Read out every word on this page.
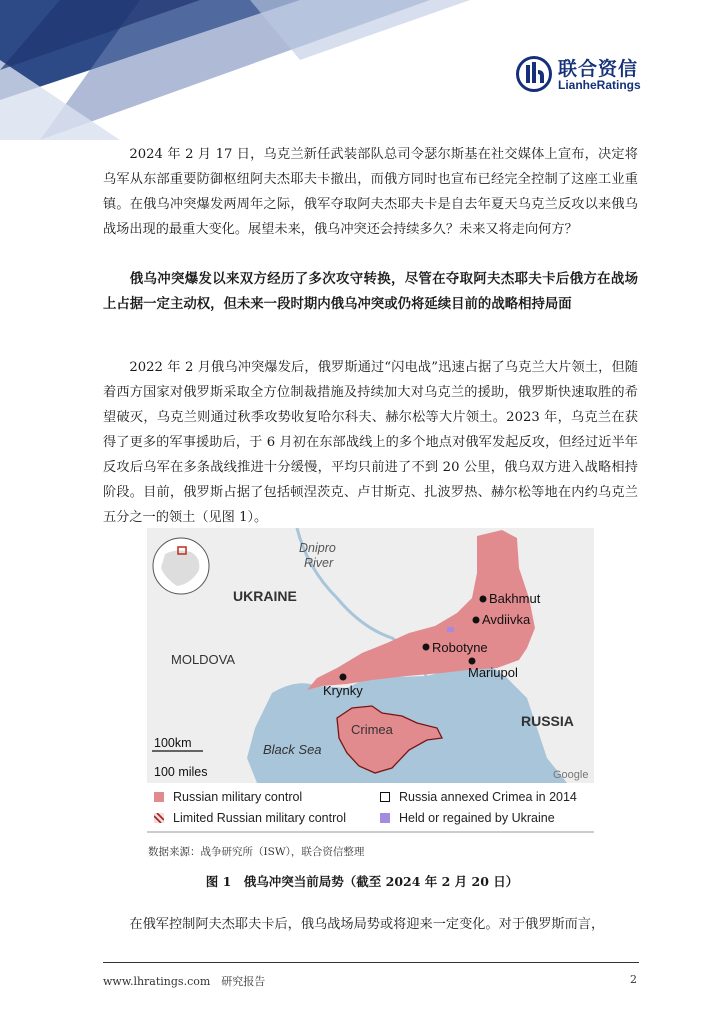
联合资信
LianheRatings

2024 年 2 月 17 日，乌克兰新任武装部队总司令瑟尔斯基在社交媒体上宣布，决定将乌军从东部重要防御枢纽阿夫杰耶夫卡撤出，而俄方同时也宣布已经完全控制了这座工业重镇。在俄乌冲突爆发两周年之际，俄军夺取阿夫杰耶夫卡是自去年夏天乌克兰反攻以来俄乌战场出现的最重大变化。展望未来，俄乌冲突还会持续多久？未来又将走向何方？

俄乌冲突爆发以来双方经历了多次攻守转换，尽管在夺取阿夫杰耶夫卡后俄方在战场上占据一定主动权，但未来一段时期内俄乌冲突或仍将延续目前的战略相持局面

2022 年 2 月俄乌冲突爆发后，俄罗斯通过“闪电战”迅速占据了乌克兰大片领土，但随着西方国家对俄罗斯采取全方位制裁措施及持续加大对乌克兰的援助，俄罗斯快速取胜的希望破灭，乌克兰则通过秋季攻势收复哈尔科夫、赫尔松等大片领土。2023 年，乌克兰在获得了更多的军事援助后，于 6 月初在东部战线上的多个地点对俄军发起反攻，但经过近半年反攻后乌军在多条战线推进十分缓慢，平均只前进了不到 20 公里，俄乌双方进入战略相持阶段。目前，俄罗斯占据了包括顿涅茨克、卢甘斯克、扎波罗热、赫尔松等地在内约乌克兰五分之一的领土（见图 1）。

Dnipro
River
UKRAINE
MOLDOVA
RUSSIA
Black Sea
Crimea
Bakhmut
Avdiivka
Robotyne
Mariupol
Krynky
100km
100 miles	Google
Russian military control	Russia annexed Crimea in 2014
Limited Russian military control	Held or regained by Ukraine
数据来源：战争研究所（ISW），联合资信整理
图 1　俄乌冲突当前局势（截至 2024 年 2 月 20 日）

在俄军控制阿夫杰耶夫卡后，俄乌战场局势或将迎来一定变化。对于俄罗斯而言，

www.lhratings.com　研究报告	2
